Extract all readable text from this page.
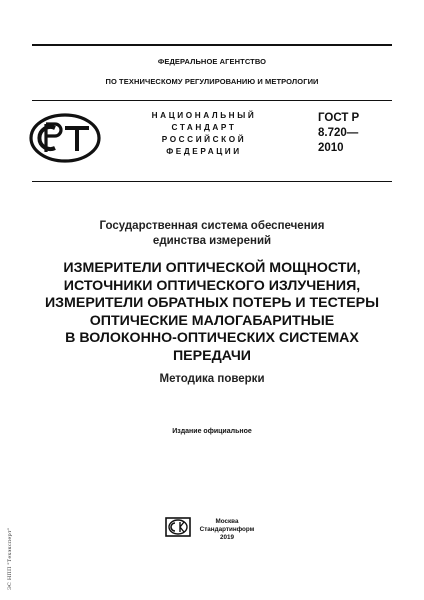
ФЕДЕРАЛЬНОЕ АГЕНТСТВО
ПО ТЕХНИЧЕСКОМУ РЕГУЛИРОВАНИЮ И МЕТРОЛОГИИ
НАЦИОНАЛЬНЫЙ
СТАНДАРТ
РОССИЙСКОЙ
ФЕДЕРАЦИИ
ГОСТ Р
8.720—
2010
Государственная система обеспечения
единства измерений
ИЗМЕРИТЕЛИ ОПТИЧЕСКОЙ МОЩНОСТИ,
ИСТОЧНИКИ ОПТИЧЕСКОГО ИЗЛУЧЕНИЯ,
ИЗМЕРИТЕЛИ ОБРАТНЫХ ПОТЕРЬ И ТЕСТЕРЫ
ОПТИЧЕСКИЕ МАЛОГАБАРИТНЫЕ
В ВОЛОКОННО-ОПТИЧЕСКИХ СИСТЕМАХ
ПЕРЕДАЧИ
Методика поверки
Издание официальное
Москва
Стандартинформ
2019
ЭС НПП "Техэксперт"
